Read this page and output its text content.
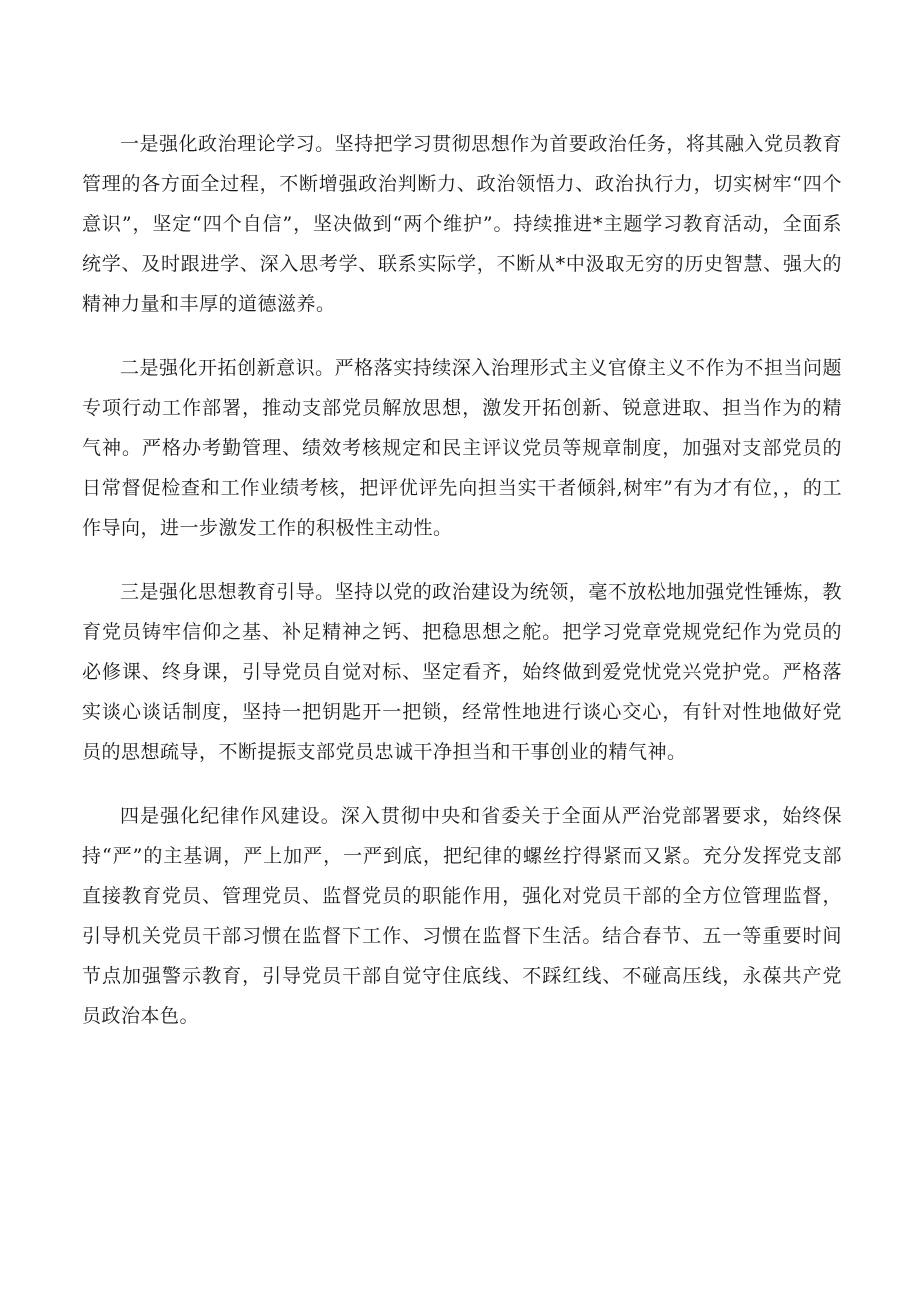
一是强化政治理论学习。坚持把学习贯彻思想作为首要政治任务，将其融入党员教育管理的各方面全过程，不断增强政治判断力、政治领悟力、政治执行力，切实树牢“四个意识”，坚定“四个自信”，坚决做到“两个维护”。持续推进*主题学习教育活动，全面系统学、及时跟进学、深入思考学、联系实际学，不断从*中汲取无穷的历史智慧、强大的精神力量和丰厚的道德滋养。

二是强化开拓创新意识。严格落实持续深入治理形式主义官僚主义不作为不担当问题专项行动工作部署，推动支部党员解放思想，激发开拓创新、锐意进取、担当作为的精气神。严格办考勤管理、绩效考核规定和民主评议党员等规章制度，加强对支部党员的日常督促检查和工作业绩考核，把评优评先向担当实干者倾斜,树牢”有为才有位，，的工作导向，进一步激发工作的积极性主动性。

三是强化思想教育引导。坚持以党的政治建设为统领，毫不放松地加强党性锤炼，教育党员铸牢信仰之基、补足精神之钙、把稳思想之舵。把学习党章党规党纪作为党员的必修课、终身课，引导党员自觉对标、坚定看齐，始终做到爱党忧党兴党护党。严格落实谈心谈话制度，坚持一把钥匙开一把锁，经常性地进行谈心交心，有针对性地做好党员的思想疏导，不断提振支部党员忠诚干净担当和干事创业的精气神。

四是强化纪律作风建设。深入贯彻中央和省委关于全面从严治党部署要求，始终保持“严”的主基调，严上加严，一严到底，把纪律的螺丝拧得紧而又紧。充分发挥党支部直接教育党员、管理党员、监督党员的职能作用，强化对党员干部的全方位管理监督，引导机关党员干部习惯在监督下工作、习惯在监督下生活。结合春节、五一等重要时间节点加强警示教育，引导党员干部自觉守住底线、不踩红线、不碰高压线，永葆共产党员政治本色。
